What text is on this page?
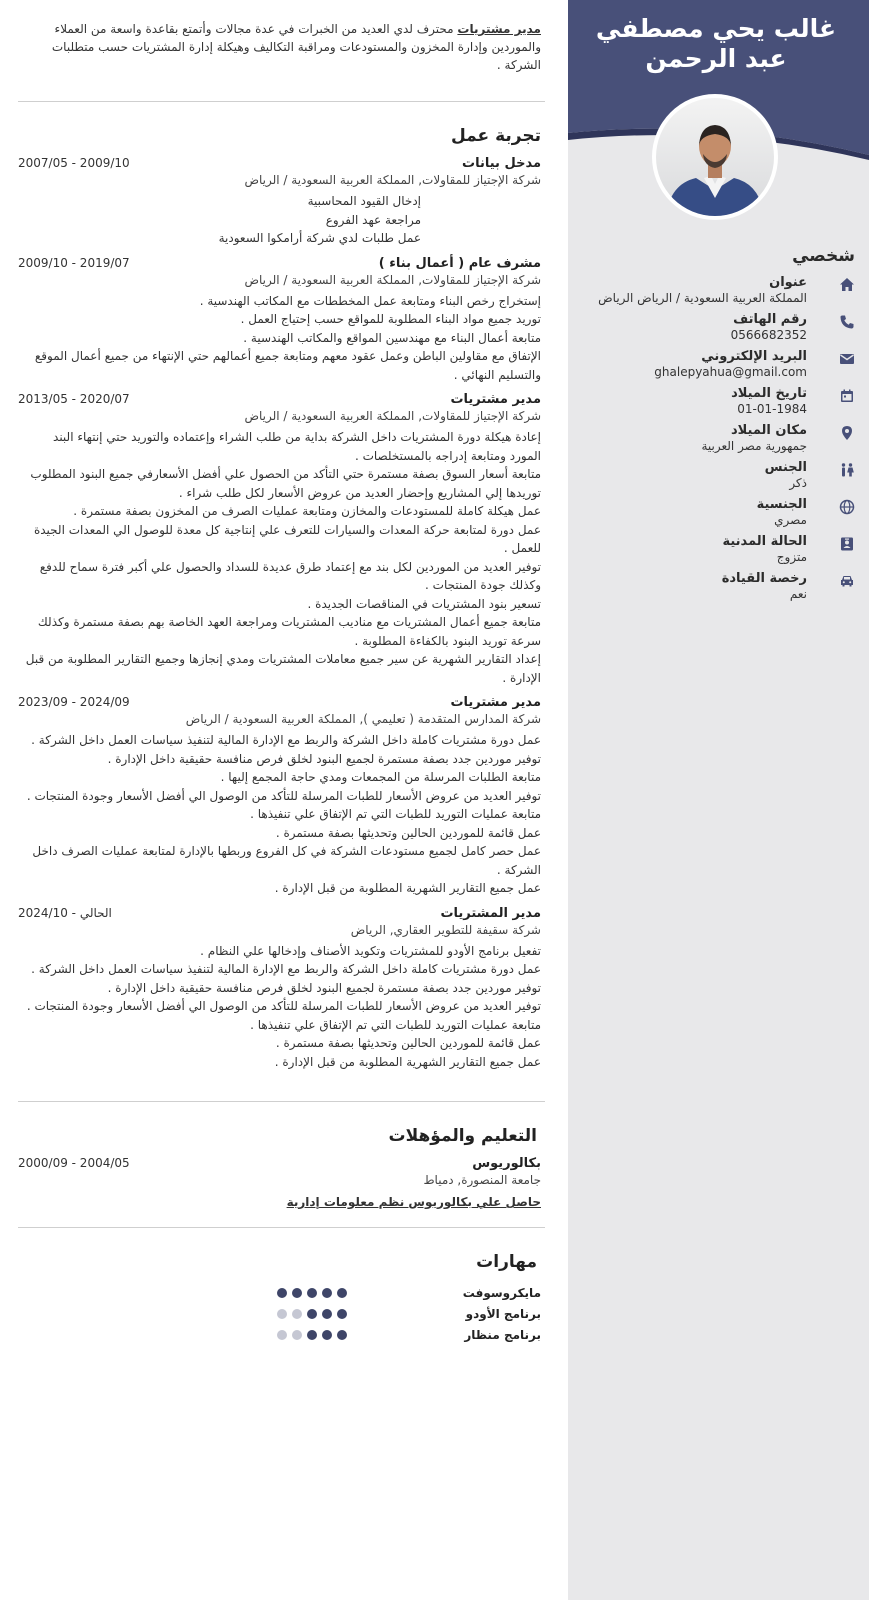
غالب يحي مصطفي عبد الرحمن
شخصي
عنوان
المملكة العربية السعودية / الرياض الرياض
رقم الهاتف
0566682352
البريد الإلكتروني
ghalepyahua@gmail.com
تاريخ الميلاد
01-01-1984
مكان الميلاد
جمهورية مصر العربية
الجنس
ذكر
الجنسية
مصري
الحالة المدنية
متزوج
رخصة القيادة
نعم

مدير مشتريات محترف لدي العديد من الخبرات في عدة مجالات وأتمتع بقاعدة واسعة من العملاء والموردين وإدارة المخزون والمستودعات ومراقبة التكاليف وهيكلة إدارة المشتريات حسب متطلبات الشركة .

تجربة عمل
2007/05 - 2009/10	مدخل بيانات
شركة الإجتياز للمقاولات, المملكة العربية السعودية / الرياض
إدخال القيود المحاسبية
مراجعة عهد الفروع
عمل طلبات لدي شركة أرامكوا السعودية
2009/10 - 2019/07	مشرف عام ( أعمال بناء )
شركة الإجتياز للمقاولات, المملكة العربية السعودية / الرياض
إستخراج رخص البناء ومتابعة عمل المخططات مع المكاتب الهندسية .
توريد جميع مواد البناء المطلوبة للمواقع حسب إحتياج العمل .
متابعة أعمال البناء مع مهندسين المواقع والمكاتب الهندسية .
الإتفاق مع مقاولين الباطن وعمل عقود معهم ومتابعة جميع أعمالهم حتي الإنتهاء من جميع أعمال الموقع والتسليم النهائي .
2013/05 - 2020/07	مدير مشتريات
شركة الإجتياز للمقاولات, المملكة العربية السعودية / الرياض
إعادة هيكلة دورة المشتريات داخل الشركة بداية من طلب الشراء وإعتماده والتوريد حتي إنتهاء البند المورد ومتابعة إدراجه بالمستخلصات .
متابعة أسعار السوق بصفة مستمرة حتي التأكد من الحصول علي أفضل الأسعارفي جميع البنود المطلوب توريدها إلي المشاريع وإحضار العديد من عروض الأسعار لكل طلب شراء .
عمل هيكلة كاملة للمستودعات والمخازن ومتابعة عمليات الصرف من المخزون بصفة مستمرة .
عمل دورة لمتابعة حركة المعدات والسيارات للتعرف علي إنتاجية كل معدة للوصول الي المعدات الجيدة للعمل .
توفير العديد من الموردين لكل بند مع إعتماد طرق عديدة للسداد والحصول علي أكبر فترة سماح للدفع وكذلك جودة المنتجات .
تسعير بنود المشتريات في المناقصات الجديدة .
متابعة جميع أعمال المشتريات مع مناديب المشتريات ومراجعة العهد الخاصة بهم بصفة مستمرة وكذلك سرعة توريد البنود بالكفاءة المطلوبة .
إعداد التقارير الشهرية عن سير جميع معاملات المشتريات ومدي إنجازها وجميع التقارير المطلوبة من قبل الإدارة .
2023/09 - 2024/09	مدير مشتريات
شركة المدارس المتقدمة ( تعليمي ), المملكة العربية السعودية / الرياض
عمل دورة مشتريات كاملة داخل الشركة والربط مع الإدارة المالية لتنفيذ سياسات العمل داخل الشركة .
توفير موردين جدد بصفة مستمرة لجميع البنود لخلق فرص منافسة حقيقية داخل الإدارة .
متابعة الطلبات المرسلة من المجمعات ومدي حاجة المجمع إليها .
توفير العديد من عروض الأسعار للطبات المرسلة للتأكد من الوصول الي أفضل الأسعار وجودة المنتجات .
متابعة عمليات التوريد للطبات التي تم الإتفاق علي تنفيذها .
عمل قائمة للموردين الحالين وتحديثها بصفة مستمرة .
عمل حصر كامل لجميع مستودعات الشركة في كل الفروع وربطها بالإدارة لمتابعة عمليات الصرف داخل الشركة .
عمل جميع التقارير الشهرية المطلوبة من قبل الإدارة .
2024/10 - الحالي	مدير المشتريات
شركة سقيفة للتطوير العقاري, الرياض
تفعيل برنامج الأودو للمشتريات وتكويد الأصناف وإدخالها علي النظام .
عمل دورة مشتريات كاملة داخل الشركة والربط مع الإدارة المالية لتنفيذ سياسات العمل داخل الشركة .
توفير موردين جدد بصفة مستمرة لجميع البنود لخلق فرص منافسة حقيقية داخل الإدارة .
توفير العديد من عروض الأسعار للطبات المرسلة للتأكد من الوصول الي أفضل الأسعار وجودة المنتجات .
متابعة عمليات التوريد للطبات التي تم الإتفاق علي تنفيذها .
عمل قائمة للموردين الحالين وتحديثها بصفة مستمرة .
عمل جميع التقارير الشهرية المطلوبة من قبل الإدارة .
التعليم والمؤهلات
2000/09 - 2004/05	بكالوريوس
جامعة المنصورة, دمياط
حاصل علي بكالوريوس نظم معلومات إدارية
مهارات
مايكروسوفت
برنامج الأودو
برنامج منظار
